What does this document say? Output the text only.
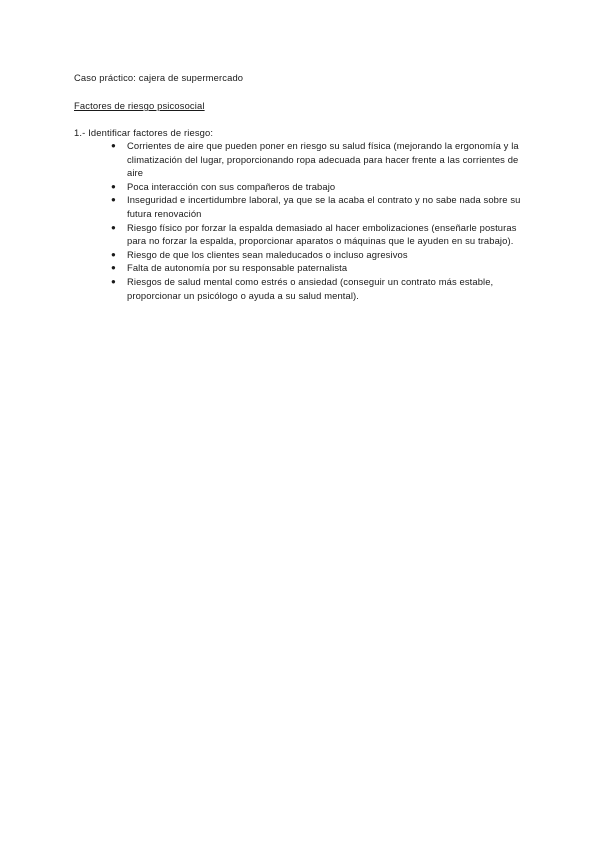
Caso práctico: cajera de supermercado
Factores de riesgo psicosocial
1.- Identificar factores de riesgo:
● Corrientes de aire que pueden poner en riesgo su salud física (mejorando la ergonomía y la climatización del lugar, proporcionando ropa adecuada para hacer frente a las corrientes de aire
● Poca interacción con sus compañeros de trabajo
● Inseguridad e incertidumbre laboral, ya que se la acaba el contrato y no sabe nada sobre su futura renovación
● Riesgo físico por forzar la espalda demasiado al hacer embolizaciones (enseñarle posturas para no forzar la espalda, proporcionar aparatos o máquinas que le ayuden en su trabajo).
● Riesgo de que los clientes sean maleducados o incluso agresivos
● Falta de autonomía por su responsable paternalista
● Riesgos de salud mental como estrés o ansiedad (conseguir un contrato más estable, proporcionar un psicólogo o ayuda a su salud mental).
